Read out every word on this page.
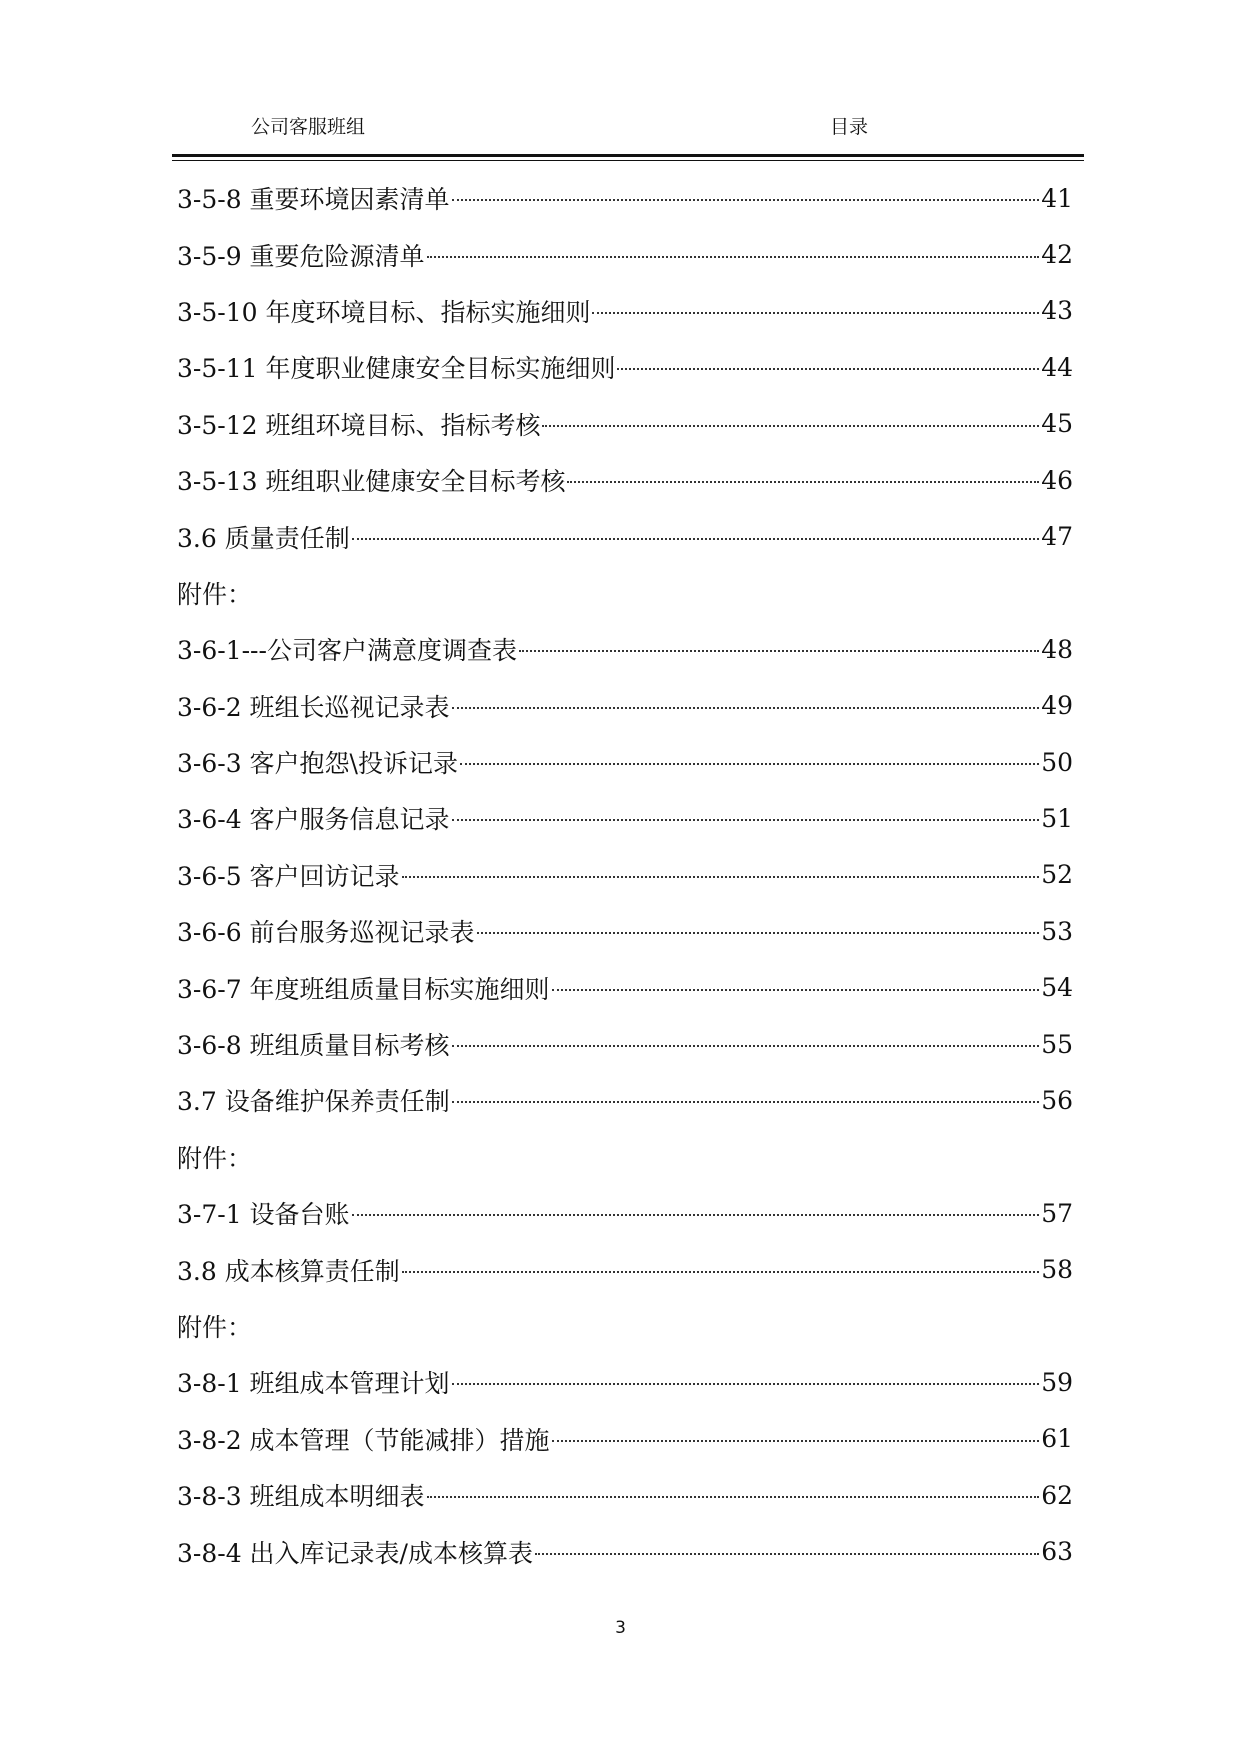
公司客服班组	目录
3-5-8 重要环境因素清单	41
3-5-9 重要危险源清单	42
3-5-10 年度环境目标、指标实施细则	43
3-5-11 年度职业健康安全目标实施细则	44
3-5-12 班组环境目标、指标考核	45
3-5-13 班组职业健康安全目标考核	46
3.6 质量责任制	47
附件：
3-6-1---公司客户满意度调查表	48
3-6-2 班组长巡视记录表	49
3-6-3 客户抱怨\投诉记录	50
3-6-4 客户服务信息记录	51
3-6-5 客户回访记录	52
3-6-6 前台服务巡视记录表	53
3-6-7 年度班组质量目标实施细则	54
3-6-8 班组质量目标考核	55
3.7 设备维护保养责任制	56
附件：
3-7-1 设备台账	57
3.8 成本核算责任制	58
附件：
3-8-1 班组成本管理计划	59
3-8-2 成本管理（节能减排）措施	61
3-8-3 班组成本明细表	62
3-8-4 出入库记录表/成本核算表	63
3
